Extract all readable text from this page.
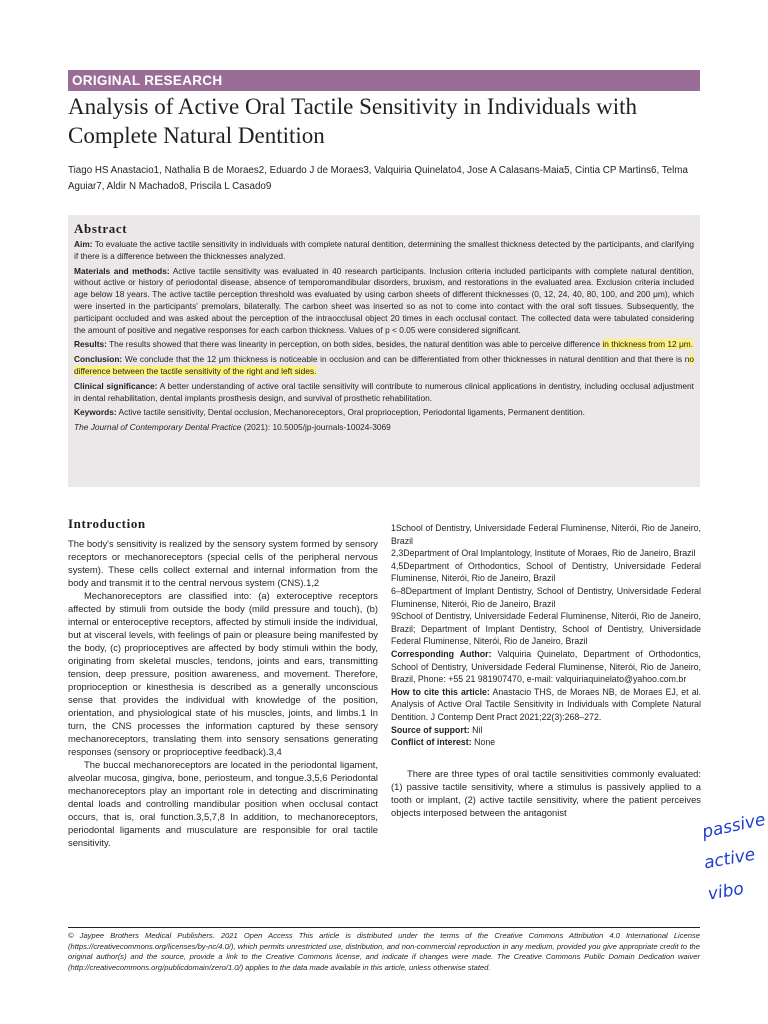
ORIGINAL RESEARCH
Analysis of Active Oral Tactile Sensitivity in Individuals with Complete Natural Dentition
Tiago HS Anastacio1, Nathalia B de Moraes2, Eduardo J de Moraes3, Valquiria Quinelato4, Jose A Calasans-Maia5, Cintia CP Martins6, Telma Aguiar7, Aldir N Machado8, Priscila L Casado9
Abstract

Aim: To evaluate the active tactile sensitivity in individuals with complete natural dentition, determining the smallest thickness detected by the participants, and clarifying if there is a difference between the thicknesses analyzed.

Materials and methods: Active tactile sensitivity was evaluated in 40 research participants. Inclusion criteria included participants with complete natural dentition, without active or history of periodontal disease, absence of temporomandibular disorders, bruxism, and restorations in the evaluated area. Exclusion criteria included age below 18 years. The active tactile perception threshold was evaluated by using carbon sheets of different thicknesses (0, 12, 24, 40, 80, 100, and 200 μm), which were inserted in the participants' premolars, bilaterally. The carbon sheet was inserted so as not to come into contact with the oral soft tissues. Subsequently, the participant occluded and was asked about the perception of the intraocclusal object 20 times in each occlusal contact. The collected data were tabulated considering the amount of positive and negative responses for each carbon thickness. Values of p < 0.05 were considered significant.

Results: The results showed that there was linearity in perception, on both sides, besides, the natural dentition was able to perceive difference in thickness from 12 μm.

Conclusion: We conclude that the 12 μm thickness is noticeable in occlusion and can be differentiated from other thicknesses in natural dentition and that there is no difference between the tactile sensitivity of the right and left sides.

Clinical significance: A better understanding of active oral tactile sensitivity will contribute to numerous clinical applications in dentistry, including occlusal adjustment in dental rehabilitation, dental implants prosthesis design, and survival of prosthetic rehabilitation.

Keywords: Active tactile sensitivity, Dental occlusion, Mechanoreceptors, Oral proprioception, Periodontal ligaments, Permanent dentition.

The Journal of Contemporary Dental Practice (2021): 10.5005/jp-journals-10024-3069

Introduction

The body's sensitivity is realized by the sensory system formed by sensory receptors or mechanoreceptors (special cells of the peripheral nervous system). These cells collect external and internal information from the body and transmit it to the central nervous system (CNS).1,2

Mechanoreceptors are classified into: (a) exteroceptive receptors affected by stimuli from outside the body (mild pressure and touch), (b) internal or enteroceptive receptors, affected by stimuli inside the individual, but at visceral levels, with feelings of pain or pleasure being manifested by the body, (c) proprioceptives are affected by body stimuli within the body, originating from skeletal muscles, tendons, joints and ears, transmitting tension, deep pressure, position awareness, and movement. Therefore, proprioception or kinesthesia is described as a generally unconscious sense that provides the individual with knowledge of the position, orientation, and physiological state of his muscles, joints, and limbs.1 In turn, the CNS processes the information captured by these sensory mechanoreceptors, translating them into sensory sensations generating responses (sensory or proprioceptive feedback).3,4

The buccal mechanoreceptors are located in the periodontal ligament, alveolar mucosa, gingiva, bone, periosteum, and tongue.3,5,6 Periodontal mechanoreceptors play an important role in detecting and discriminating dental loads and controlling mandibular position when occlusal contact occurs, that is, oral function.3,5,7,8 In addition, to mechanoreceptors, periodontal ligaments and musculature are responsible for oral tactile sensitivity.

1School of Dentistry, Universidade Federal Fluminense, Niterói, Rio de Janeiro, Brazil

2,3Department of Oral Implantology, Institute of Moraes, Rio de Janeiro, Brazil

4,5Department of Orthodontics, School of Dentistry, Universidade Federal Fluminense, Niterói, Rio de Janeiro, Brazil

6–8Department of Implant Dentistry, School of Dentistry, Universidade Federal Fluminense, Niterói, Rio de Janeiro, Brazil

9School of Dentistry, Universidade Federal Fluminense, Niterói, Rio de Janeiro, Brazil; Department of Implant Dentistry, School of Dentistry, Universidade Federal Fluminense, Niterói, Rio de Janeiro, Brazil

Corresponding Author: Valquiria Quinelato, Department of Orthodontics, School of Dentistry, Universidade Federal Fluminense, Niterói, Rio de Janeiro, Brazil, Phone: +55 21 981907470, e-mail: valquiriaquinelato@yahoo.com.br

How to cite this article: Anastacio THS, de Moraes NB, de Moraes EJ, et al. Analysis of Active Oral Tactile Sensitivity in Individuals with Complete Natural Dentition. J Contemp Dent Pract 2021;22(3):268–272.

Source of support: Nil

Conflict of interest: None

There are three types of oral tactile sensitivities commonly evaluated: (1) passive tactile sensitivity, where a stimulus is passively applied to a tooth or implant, (2) active tactile sensitivity, where the patient perceives objects interposed between the antagonist	passive
active
vibo

© Jaypee Brothers Medical Publishers. 2021 Open Access This article is distributed under the terms of the Creative Commons Attribution 4.0 International License (https://creativecommons.org/licenses/by-nc/4.0/), which permits unrestricted use, distribution, and non-commercial reproduction in any medium, provided you give appropriate credit to the original author(s) and the source, provide a link to the Creative Commons license, and indicate if changes were made. The Creative Commons Public Domain Dedication waiver (http://creativecommons.org/publicdomain/zero/1.0/) applies to the data made available in this article, unless otherwise stated.
